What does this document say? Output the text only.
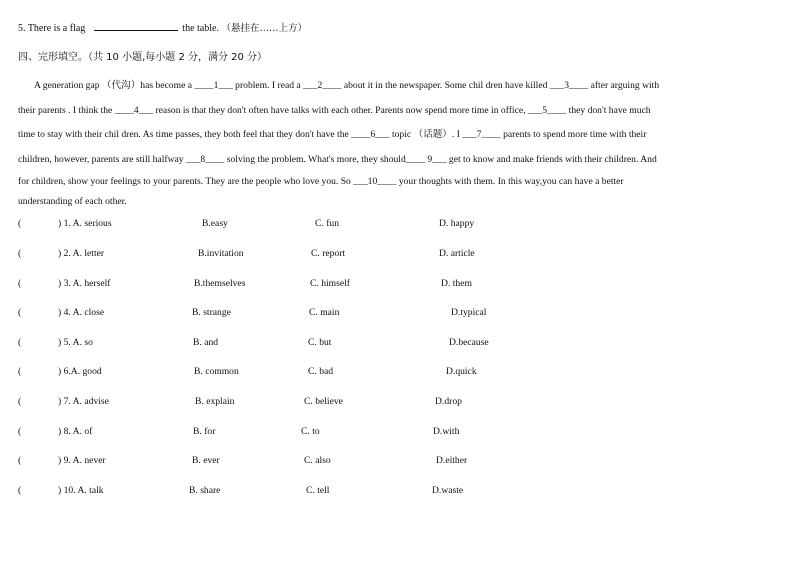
5. There is a flag	the table. （悬挂在……上方）
四、完形填空。（共 10 小题,每小题 2 分，满分 20 分）
A generation gap （代沟）has become a ____1___ problem. I read a ___2____ about it in the newspaper. Some chil dren have killed ___3____ after arguing with
their parents . I think the ____4___ reason is that they don't often have talks with each other. Parents now spend more time in office, ___5____ they don't have much
time to stay with their chil dren. As time passes, they both feel that they don't have the ____6___ topic （话题）. I ___7____ parents to spend more time with their
children, however, parents are still halfway ___8____ solving the problem. What's more, they should____ 9___ get to know and make friends with their children. And
for children, show your feelings to your parents. They are the people who love you. So ___10____ your thoughts with them. In this way,you can have a better
understanding of each other.
(	) 1. A. serious	B.easy	C. fun	D. happy
(	) 2. A. letter	B.invitation	C. report	D. article
(	) 3. A. herself	B.themselves	C. himself	D. them
(	) 4. A. close	B. strange	C. main	D.typical
(	) 5. A. so	B. and	C. but	D.because
(	) 6.A. good	B. common	C. bad	D.quick
(	) 7. A. advise	B. explain	C. believe	D.drop
(	) 8. A. of	B. for	C. to	D.with
(	) 9. A. never	B. ever	C. also	D.either
(	) 10. A. talk	B. share	C. tell	D.waste
